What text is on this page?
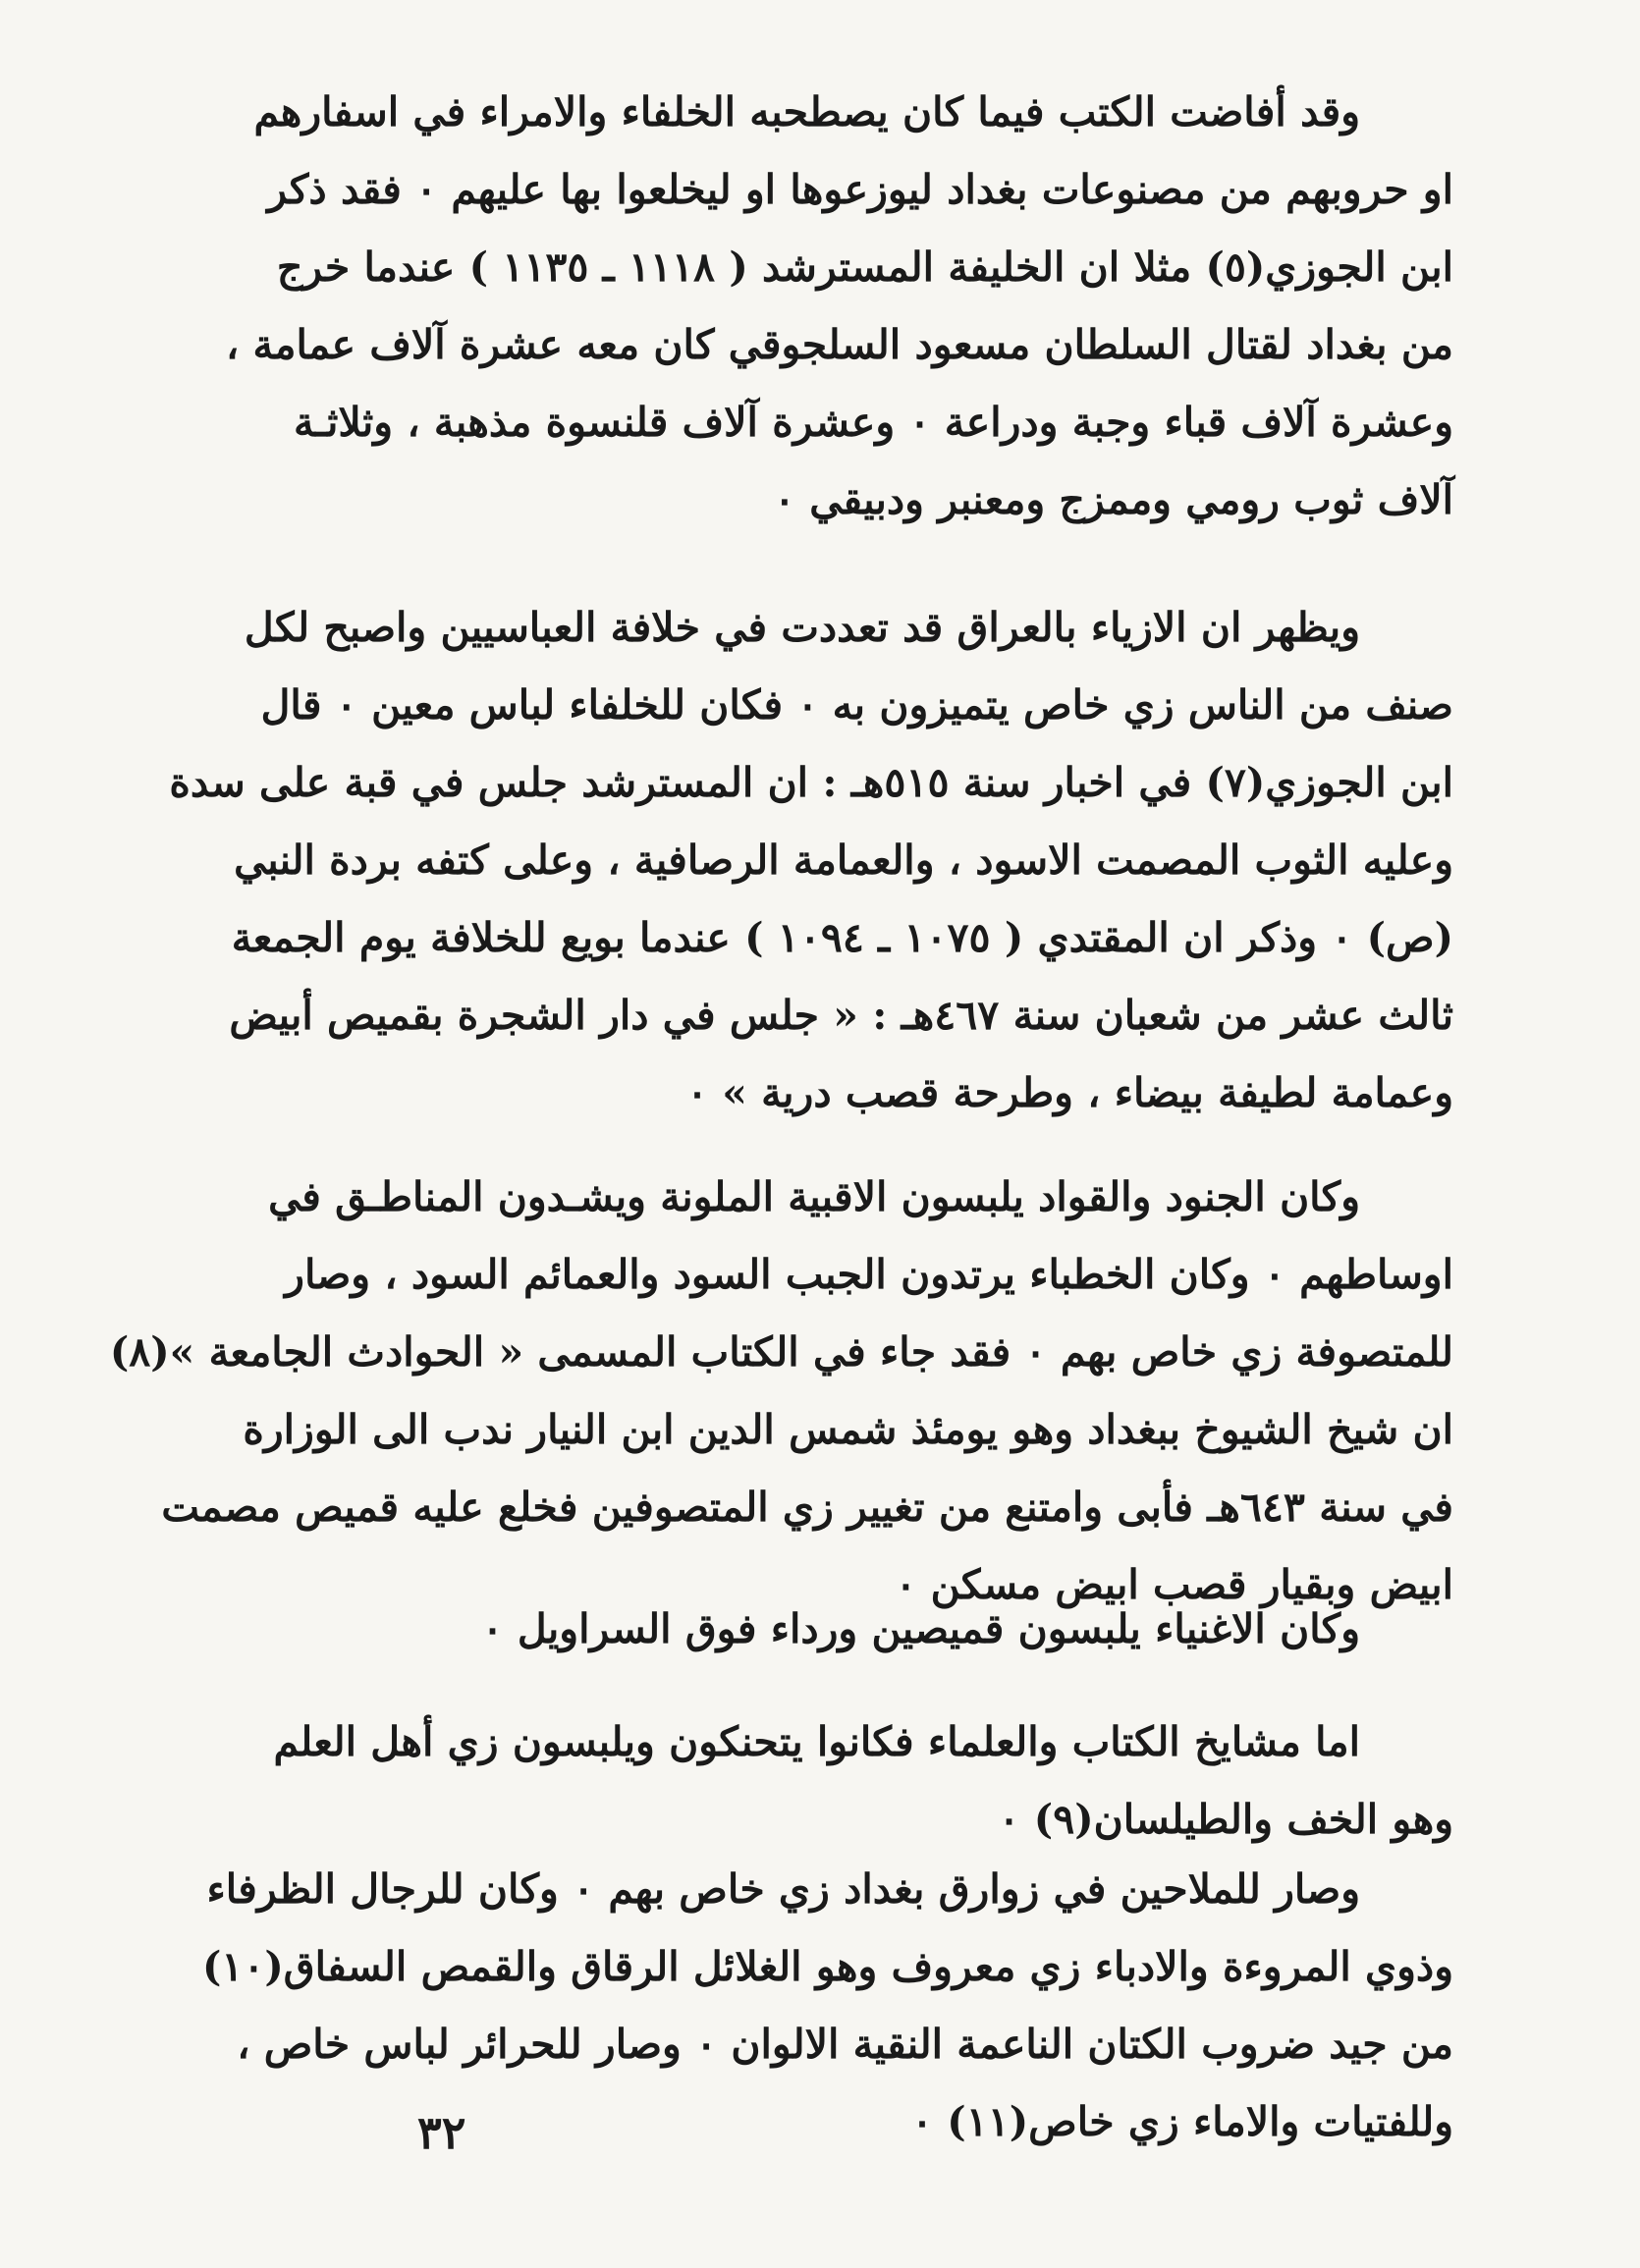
وقد أفاضت الكتب فيما كان يصطحبه الخلفاء والامراء في اسفارهم
او حروبهم من مصنوعات بغداد ليوزعوها او ليخلعوا بها عليهم ٠ فقد ذكر
ابن الجوزي(٥) مثلا ان الخليفة المسترشد ( ١١١٨ ـ ١١٣٥ ) عندما خرج
من بغداد لقتال السلطان مسعود السلجوقي كان معه عشرة آلاف عمامة ،
وعشرة آلاف قباء وجبة ودراعة ٠ وعشرة آلاف قلنسوة مذهبة ، وثلاثـة
آلاف ثوب رومي وممزج ومعنبر ودبيقي ٠

ويظهر ان الازياء بالعراق قد تعددت في خلافة العباسيين واصبح لكل
صنف من الناس زي خاص يتميزون به ٠ فكان للخلفاء لباس معين ٠ قال
ابن الجوزي(٧) في اخبار سنة ٥١٥هـ : ان المسترشد جلس في قبة على سدة
وعليه الثوب المصمت الاسود ، والعمامة الرصافية ، وعلى كتفه بردة النبي
(ص) ٠ وذكر ان المقتدي ( ١٠٧٥ ـ ١٠٩٤ ) عندما بويع للخلافة يوم الجمعة
ثالث عشر من شعبان سنة ٤٦٧هـ : « جلس في دار الشجرة بقميص أبيض
وعمامة لطيفة بيضاء ، وطرحة قصب درية » ٠

وكان الجنود والقواد يلبسون الاقبية الملونة ويشـدون المناطـق في
اوساطهم ٠ وكان الخطباء يرتدون الجبب السود والعمائم السود ، وصار
للمتصوفة زي خاص بهم ٠ فقد جاء في الكتاب المسمى « الحوادث الجامعة »(٨)
ان شيخ الشيوخ ببغداد وهو يومئذ شمس الدين ابن النيار ندب الى الوزارة
في سنة ٦٤٣هـ فأبى وامتنع من تغيير زي المتصوفين فخلع عليه قميص مصمت
ابيض وبقيار قصب ابيض مسكن ٠

وكان الاغنياء يلبسون قميصين ورداء فوق السراويل ٠

اما مشايخ الكتاب والعلماء فكانوا يتحنكون ويلبسون زي أهل العلم
وهو الخف والطيلسان(٩) ٠

وصار للملاحين في زوارق بغداد زي خاص بهم ٠ وكان للرجال الظرفاء
وذوي المروءة والادباء زي معروف وهو الغلائل الرقاق والقمص السفاق(١٠)
من جيد ضروب الكتان الناعمة النقية الالوان ٠ وصار للحرائر لباس خاص ،
وللفتيات والاماء زي خاص(١١) ٠

٣٢
